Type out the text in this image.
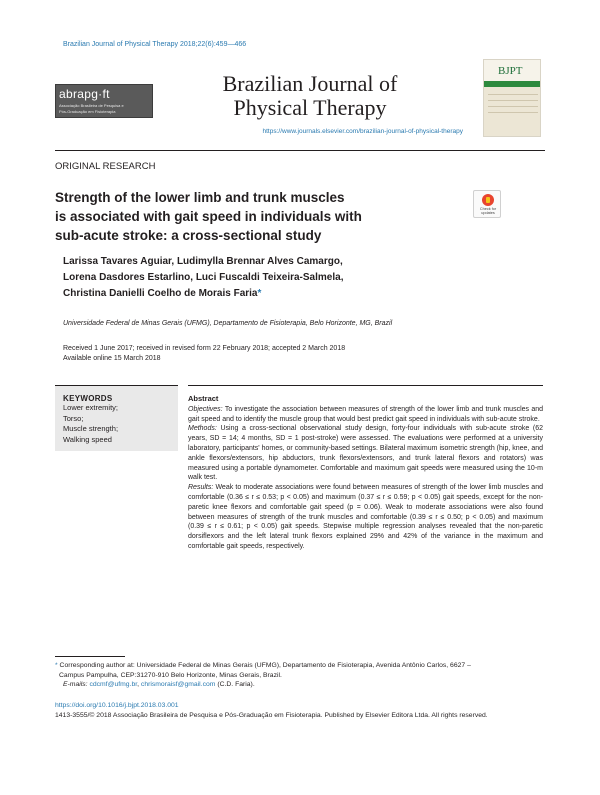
Brazilian Journal of Physical Therapy 2018;22(6):459—466
abrapg·ft
Associação Brasileira de Pesquisa e
Pós-Graduação em Fisioterapia
Brazilian Journal of
Physical Therapy
https://www.journals.elsevier.com/brazilian-journal-of-physical-therapy
BJPT
ORIGINAL RESEARCH
Strength of the lower limb and trunk muscles
is associated with gait speed in individuals with
sub-acute stroke: a cross-sectional study
Check for
updates
Larissa Tavares Aguiar, Ludimylla Brennar Alves Camargo,
Lorena Dasdores Estarlino, Luci Fuscaldi Teixeira-Salmela,
Christina Danielli Coelho de Morais Faria*
Universidade Federal de Minas Gerais (UFMG), Departamento de Fisioterapia, Belo Horizonte, MG, Brazil
Received 1 June 2017; received in revised form 22 February 2018; accepted 2 March 2018
Available online 15 March 2018
KEYWORDS
Lower extremity;
Torso;
Muscle strength;
Walking speed
Abstract

Objectives: To investigate the association between measures of strength of the lower limb and trunk muscles and gait speed and to identify the muscle group that would best predict gait speed in individuals with sub-acute stroke.

Methods: Using a cross-sectional observational study design, forty-four individuals with sub-acute stroke (62 years, SD = 14; 4 months, SD = 1 post-stroke) were assessed. The evaluations were performed at a university laboratory, participants' homes, or community-based settings. Bilateral maximum isometric strength (hip, knee, and ankle flexors/extensors, hip abductors, trunk flexors/extensors, and trunk lateral flexors and rotators) was measured using a portable dynamometer. Comfortable and maximum gait speeds were measured using the 10-m walk test.

Results: Weak to moderate associations were found between measures of strength of the lower limb muscles and comfortable (0.36 ≤ r ≤ 0.53; p < 0.05) and maximum (0.37 ≤ r ≤ 0.59; p < 0.05) gait speeds, except for the non-paretic knee flexors and comfortable gait speed (p = 0.06). Weak to moderate associations were also found between measures of strength of the trunk muscles and comfortable (0.39 ≤ r ≤ 0.50; p < 0.05) and maximum (0.39 ≤ r ≤ 0.61; p < 0.05) gait speeds. Stepwise multiple regression analyses revealed that the non-paretic dorsiflexors and the left lateral trunk flexors explained 29% and 42% of the variance in the maximum and comfortable gait speeds, respectively.

* Corresponding author at: Universidade Federal de Minas Gerais (UFMG), Departamento de Fisioterapia, Avenida Antônio Carlos, 6627 –
Campus Pampulha, CEP:31270-910 Belo Horizonte, Minas Gerais, Brazil.
E-mails: cdcmf@ufmg.br, chrismoraisf@gmail.com (C.D. Faria).
https://doi.org/10.1016/j.bjpt.2018.03.001
1413-3555/© 2018 Associação Brasileira de Pesquisa e Pós-Graduação em Fisioterapia. Published by Elsevier Editora Ltda. All rights reserved.
